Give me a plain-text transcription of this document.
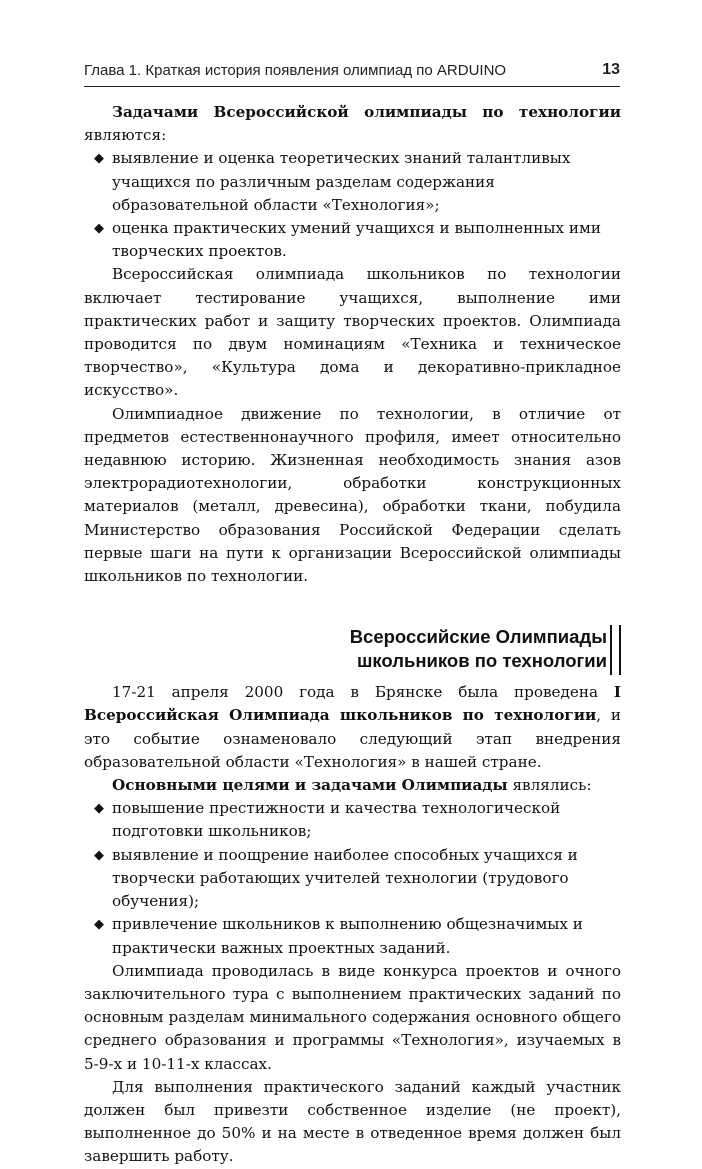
Глава 1. Краткая история появления олимпиад по ARDUINO	13

Задачами Всероссийской олимпиады по технологии являются:

◆ выявление и оценка теоретических знаний талантливых учащихся по различным разделам содержания образовательной области «Технология»;
◆ оценка практических умений учащихся и выполненных ими творческих проектов.

Всероссийская олимпиада школьников по технологии включает тестирование учащихся, выполнение ими практических работ и защиту творческих проектов. Олимпиада проводится по двум номинациям «Техника и техническое творчество», «Культура дома и декоративно-прикладное искусство».

Олимпиадное движение по технологии, в отличие от предметов естественнонаучного профиля, имеет относительно недавнюю историю. Жизненная необходимость знания азов электрорадиотехнологии, обработки конструкционных материалов (металл, древесина), обработки ткани, побудила Министерство образования Российской Федерации сделать первые шаги на пути к организации Всероссийской олимпиады школьников по технологии.

Всероссийские Олимпиады
школьников по технологии

17-21 апреля 2000 года в Брянске была проведена I Всероссийская Олимпиада школьников по технологии, и это событие ознаменовало следующий этап внедрения образовательной области «Технология» в нашей стране.

Основными целями и задачами Олимпиады являлись:

◆ повышение престижности и качества технологической подготовки школьников;
◆ выявление и поощрение наиболее способных учащихся и творчески работающих учителей технологии (трудового обучения);
◆ привлечение школьников к выполнению общезначимых и практически важных проектных заданий.

Олимпиада проводилась в виде конкурса проектов и очного заключительного тура с выполнением практических заданий по основным разделам минимального содержания основного общего среднего образования и программы «Технология», изучаемых в 5-9-х и 10-11-х классах.

Для выполнения практического заданий каждый участник должен был привезти собственное изделие (не проект), выполненное до 50% и на месте в отведенное время должен был завершить работу.
